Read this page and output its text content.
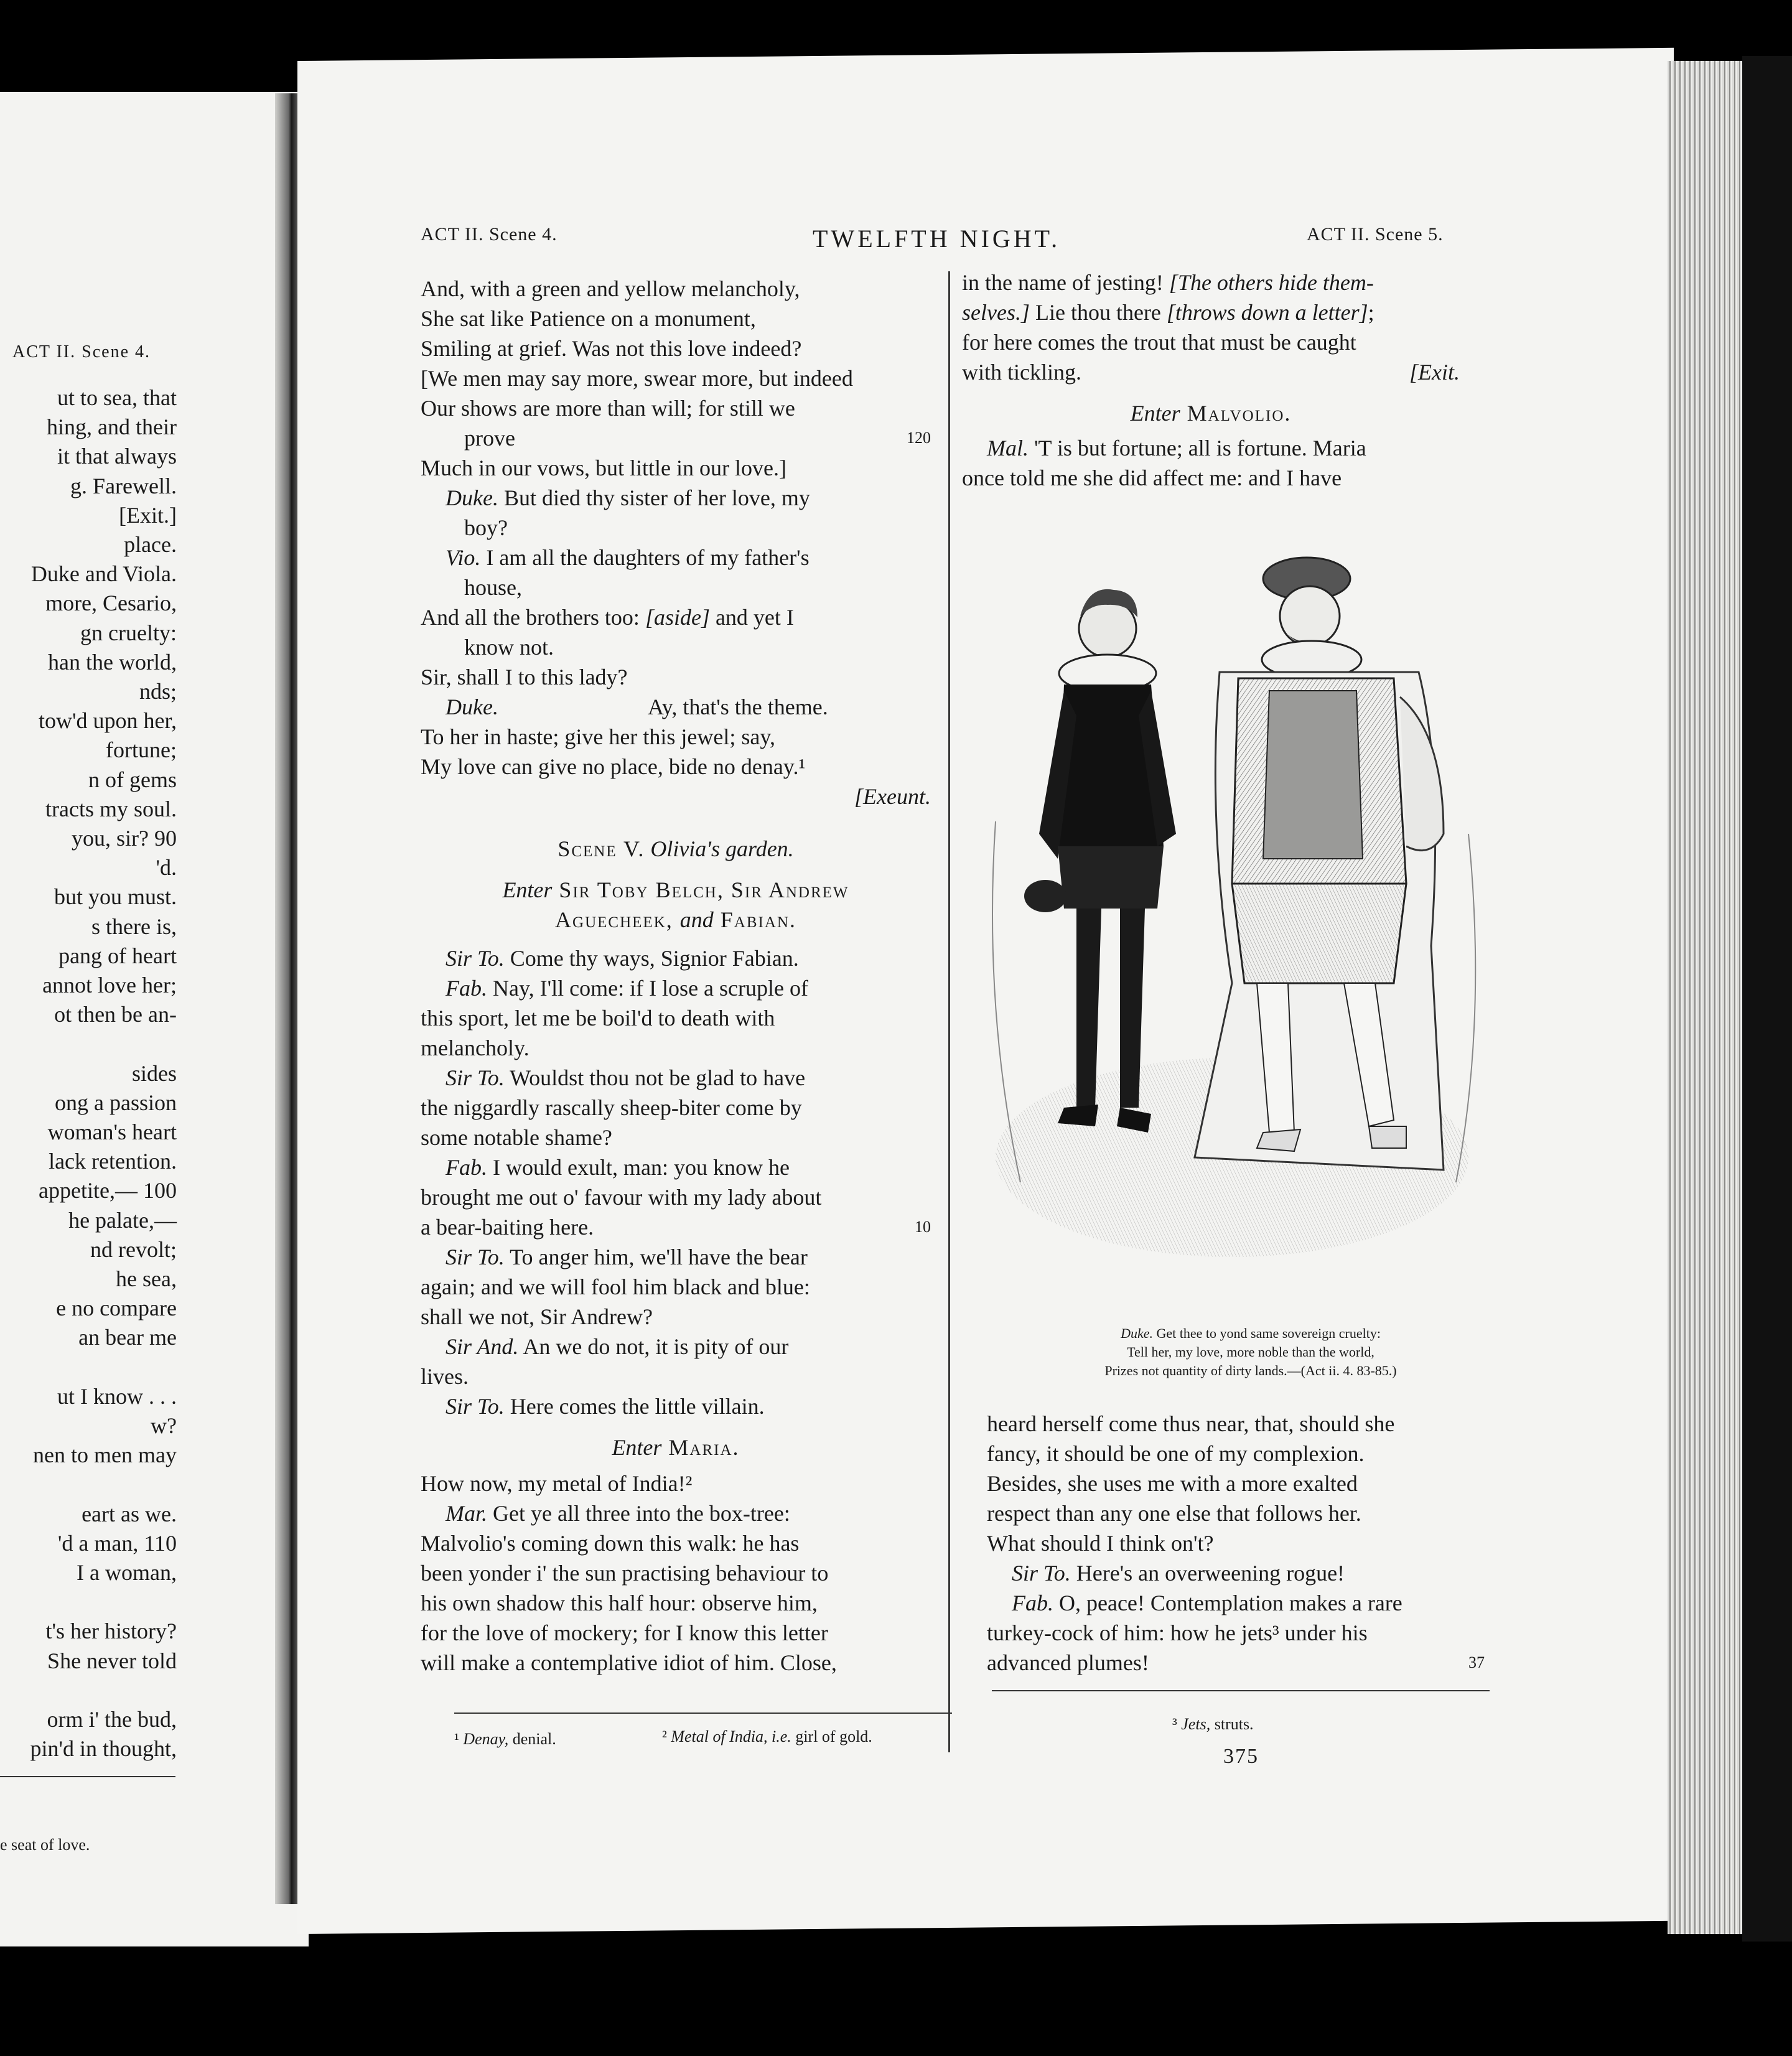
ACT II. Scene 4.
ut to sea, that
hing, and their
it that always
g. Farewell.
[Exit.]
place.
Duke and Viola.
more, Cesario,
gn cruelty:
han the world,
nds;
tow'd upon her,
fortune;
n of gems
tracts my soul.
you, sir? 90
'd.
but you must.
s there is,
pang of heart
annot love her;
ot then be an-
sides
ong a passion
woman's heart
lack retention.
appetite,— 100
he palate,—
nd revolt;
he sea,
e no compare
an bear me
ut I know . . .
w?
nen to men may
eart as we.
'd a man, 110
I a woman,
t's her history?
She never told
orm i' the bud,
pin'd in thought,
e seat of love.
ACT II. Scene 4.	TWELFTH NIGHT.	ACT II. Scene 5.
And, with a green and yellow melancholy,
She sat like Patience on a monument,
Smiling at grief. Was not this love indeed?
[We men may say more, swear more, but indeed
Our shows are more than will; for still we
prove	120
Much in our vows, but little in our love.]
Duke. But died thy sister of her love, my
boy?
Vio. I am all the daughters of my father's
house,
And all the brothers too: [aside] and yet I
know not.
Sir, shall I to this lady?
Duke.	Ay, that's the theme.
To her in haste; give her this jewel; say,
My love can give no place, bide no denay.¹
[Exeunt.
Scene V. Olivia's garden.
Enter Sir Toby Belch, Sir Andrew
Aguecheek, and Fabian.
Sir To. Come thy ways, Signior Fabian.
Fab. Nay, I'll come: if I lose a scruple of
this sport, let me be boil'd to death with
melancholy.
Sir To. Wouldst thou not be glad to have
the niggardly rascally sheep-biter come by
some notable shame?
Fab. I would exult, man: you know he
brought me out o' favour with my lady about
a bear-baiting here.	10
Sir To. To anger him, we'll have the bear
again; and we will fool him black and blue:
shall we not, Sir Andrew?
Sir And. An we do not, it is pity of our
lives.
Sir To. Here comes the little villain.
Enter Maria.
How now, my metal of India!²
Mar. Get ye all three into the box-tree:
Malvolio's coming down this walk: he has
been yonder i' the sun practising behaviour to
his own shadow this half hour: observe him,
for the love of mockery; for I know this letter
will make a contemplative idiot of him. Close,
in the name of jesting! [The others hide them-
selves.] Lie thou there [throws down a letter];
for here comes the trout that must be caught
with tickling.	[Exit.
Enter Malvolio.
Mal. 'T is but fortune; all is fortune. Maria
once told me she did affect me: and I have
Duke. Get thee to yond same sovereign cruelty:
Tell her, my love, more noble than the world,
Prizes not quantity of dirty lands.—(Act ii. 4. 83-85.)
heard herself come thus near, that, should she
fancy, it should be one of my complexion.
Besides, she uses me with a more exalted
respect than any one else that follows her.
What should I think on't?
Sir To. Here's an overweening rogue!
Fab. O, peace! Contemplation makes a rare
turkey-cock of him: how he jets³ under his
advanced plumes!	37
¹ Denay, denial.	² Metal of India, i.e. girl of gold.
³ Jets, struts.
375
